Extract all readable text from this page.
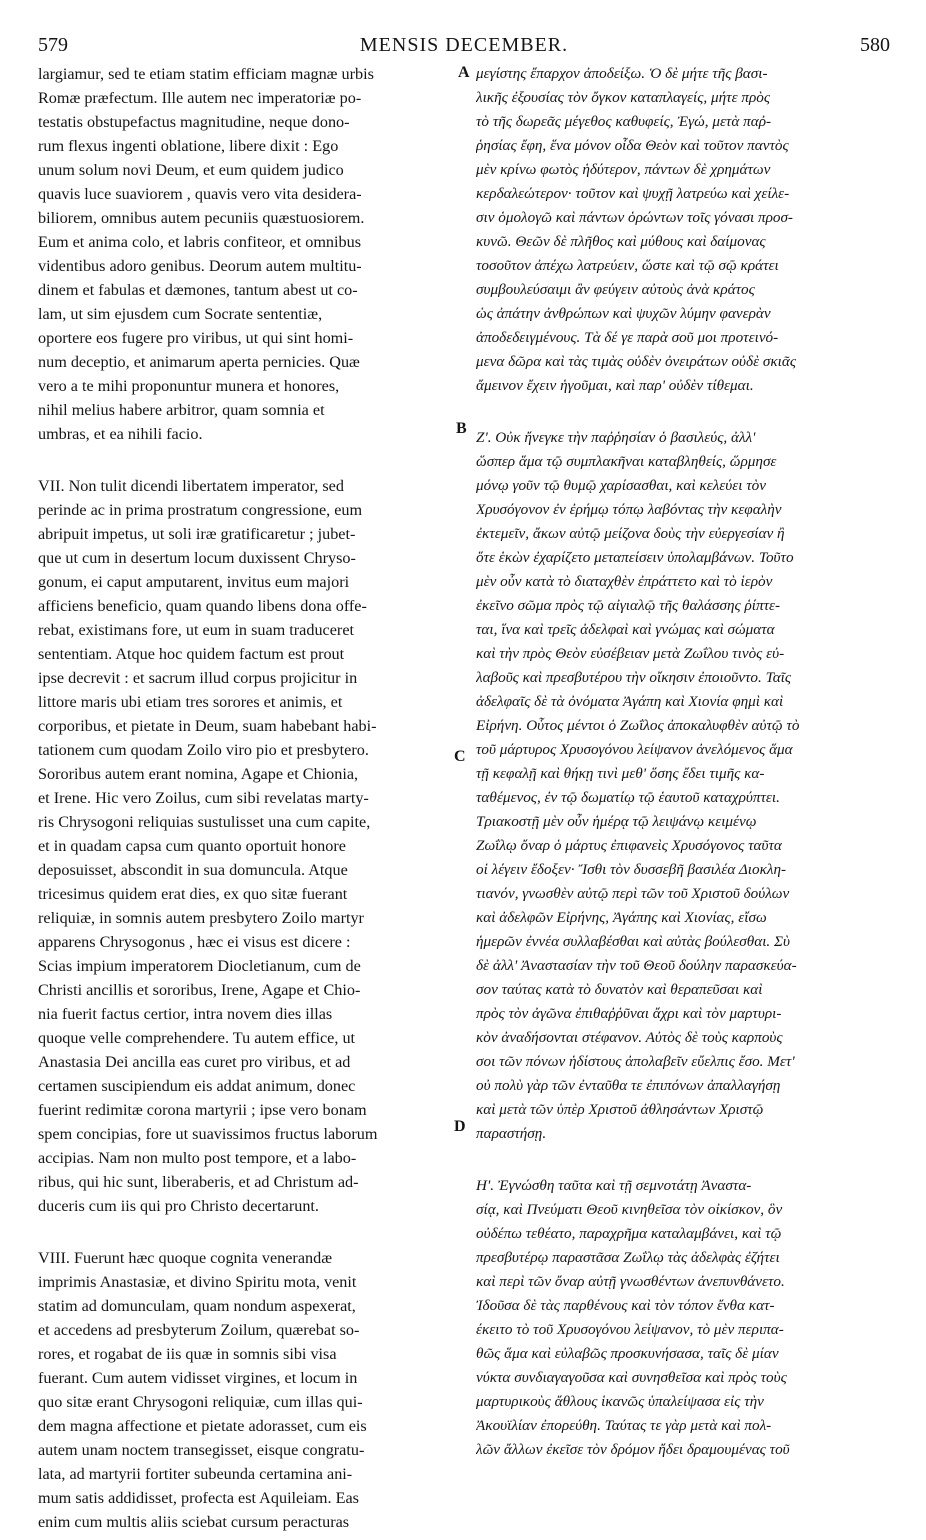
579	MENSIS DECEMBER.	580
largiamur, sed te etiam statim efficiam magnæ urbis
Romæ præfectum. Ille autem nec imperatoriæ po-
testatis obstupefactus magnitudine, neque dono-
rum flexus ingenti oblatione, libere dixit : Ego
unum solum novi Deum, et eum quidem judico
quavis luce suaviorem , quavis vero vita desidera-
biliorem, omnibus autem pecuniis quæstuosiorem.
Eum et anima colo, et labris confiteor, et omnibus
videntibus adoro genibus. Deorum autem multitu-
dinem et fabulas et dæmones, tantum abest ut co-
lam, ut sim ejusdem cum Socrate sententiæ,
oportere eos fugere pro viribus, ut qui sint homi-
num deceptio, et animarum aperta pernicies. Quæ
vero a te mihi proponuntur munera et honores,
nihil melius habere arbitror, quam somnia et
umbras, et ea nihili facio.
VII. Non tulit dicendi libertatem imperator, sed
perinde ac in prima prostratum congressione, eum
abripuit impetus, ut soli iræ gratificaretur ; jubet-
que ut cum in desertum locum duxissent Chryso-
gonum, ei caput amputarent, invitus eum majori
afficiens beneficio, quam quando libens dona offe-
rebat, existimans fore, ut eum in suam traduceret
sententiam. Atque hoc quidem factum est prout
ipse decrevit : et sacrum illud corpus projicitur in
littore maris ubi etiam tres sorores et animis, et
corporibus, et pietate in Deum, suam habebant habi-
tationem cum quodam Zoilo viro pio et presbytero.
Sororibus autem erant nomina, Agape et Chionia,
et Irene. Hic vero Zoilus, cum sibi revelatas marty-
ris Chrysogoni reliquias sustulisset una cum capite,
et in quadam capsa cum quanto oportuit honore
deposuisset, abscondit in sua domuncula. Atque
tricesimus quidem erat dies, ex quo sitæ fuerant
reliquiæ, in somnis autem presbytero Zoilo martyr
apparens Chrysogonus , hæc ei visus est dicere :
Scias impium imperatorem Diocletianum, cum de
Christi ancillis et sororibus, Irene, Agape et Chio-
nia fuerit factus certior, intra novem dies illas
quoque velle comprehendere. Tu autem effice, ut
Anastasia Dei ancilla eas curet pro viribus, et ad
certamen suscipiendum eis addat animum, donec
fuerint redimitæ corona martyrii ; ipse vero bonam
spem concipias, fore ut suavissimos fructus laborum
accipias. Nam non multo post tempore, et a labo-
ribus, qui hic sunt, liberaberis, et ad Christum ad-
duceris cum iis qui pro Christo decertarunt.
VIII. Fuerunt hæc quoque cognita venerandæ
imprimis Anastasiæ, et divino Spiritu mota, venit
statim ad domunculam, quam nondum aspexerat,
et accedens ad presbyterum Zoilum, quærebat so-
rores, et rogabat de iis quæ in somnis sibi visa
fuerant. Cum autem vidisset virgines, et locum in
quo sitæ erant Chrysogoni reliquiæ, cum illas qui-
dem magna affectione et pietate adorasset, cum eis
autem unam noctem transegisset, eisque congratu-
lata, ad martyrii fortiter subeunda certamina ani-
mum satis addidisset, profecta est Aquileiam. Eas
enim cum multis aliis sciebat cursum peracturas
μεγίστης ἔπαρχον ἀποδείξω. Ὁ δὲ μήτε τῆς βασι-
λικῆς ἐξουσίας τὸν ὄγκον καταπλαγείς, μήτε πρὸς
τὸ τῆς δωρεᾶς μέγεθος καθυφείς, Ἐγώ, μετὰ παῤ-
ῥησίας ἔφη, ἕνα μόνον οἶδα Θεὸν καὶ τοῦτον παντὸς
μὲν κρίνω φωτὸς ἡδύτερον, πάντων δὲ χρημάτων
κερδαλεώτερον· τοῦτον καὶ ψυχῇ λατρεύω καὶ χείλε-
σιν ὁμολογῶ καὶ πάντων ὁρώντων τοῖς γόνασι προσ-
κυνῶ. Θεῶν δὲ πλῆθος καὶ μύθους καὶ δαίμονας
τοσοῦτον ἀπέχω λατρεύειν, ὥστε καὶ τῷ σῷ κράτει
συμβουλεύσαιμι ἂν φεύγειν αὐτοὺς ἀνὰ κράτος
ὡς ἀπάτην ἀνθρώπων καὶ ψυχῶν λύμην φανερὰν
ἀποδεδειγμένους. Τὰ δέ γε παρὰ σοῦ μοι προτεινό-
μενα δῶρα καὶ τὰς τιμὰς οὐδὲν ὀνειράτων οὐδὲ σκιᾶς
ἄμεινον ἔχειν ἡγοῦμαι, καὶ παρ' οὐδὲν τίθεμαι.
Ζ'. Οὐκ ἤνεγκε τὴν παῤῥησίαν ὁ βασιλεύς, ἀλλ'
ὥσπερ ἅμα τῷ συμπλακῆναι καταβληθείς, ὥρμησε
μόνῳ γοῦν τῷ θυμῷ χαρίσασθαι, καὶ κελεύει τὸν
Χρυσόγονον ἐν ἐρήμῳ τόπῳ λαβόντας τὴν κεφαλὴν
ἐκτεμεῖν, ἄκων αὐτῷ μείζονα δοὺς τὴν εὐεργεσίαν ἢ
ὅτε ἑκὼν ἐχαρίζετο μεταπείσειν ὑπολαμβάνων. Τοῦτο
μὲν οὖν κατὰ τὸ διαταχθὲν ἐπράττετο καὶ τὸ ἱερὸν
ἐκεῖνο σῶμα πρὸς τῷ αἰγιαλῷ τῆς θαλάσσης ῥίπτε-
ται, ἵνα καὶ τρεῖς ἀδελφαὶ καὶ γνώμας καὶ σώματα
καὶ τὴν πρὸς Θεὸν εὐσέβειαν μετὰ Ζωΐλου τινὸς εὐ-
λαβοῦς καὶ πρεσβυτέρου τὴν οἴκησιν ἐποιοῦντο. Ταῖς
ἀδελφαῖς δὲ τὰ ὀνόματα Ἀγάπη καὶ Χιονία φημὶ καὶ
Εἰρήνη. Οὗτος μέντοι ὁ Ζωΐλος ἀποκαλυφθὲν αὐτῷ τὸ
τοῦ μάρτυρος Χρυσογόνου λείψανον ἀνελόμενος ἅμα
τῇ κεφαλῇ καὶ θήκῃ τινὶ μεθ' ὅσης ἔδει τιμῆς κα-
ταθέμενος, ἐν τῷ δωματίῳ τῷ ἑαυτοῦ καταχρύπτει.
Τριακοστῇ μὲν οὖν ἡμέρᾳ τῷ λειψάνῳ κειμένῳ
Ζωΐλῳ ὄναρ ὁ μάρτυς ἐπιφανεὶς Χρυσόγονος ταῦτα
οἱ λέγειν ἔδοξεν· Ἴσθι τὸν δυσσεβῆ βασιλέα Διοκλη-
τιανόν, γνωσθὲν αὐτῷ περὶ τῶν τοῦ Χριστοῦ δούλων
καὶ ἀδελφῶν Εἰρήνης, Ἀγάπης καὶ Χιονίας, εἴσω
ἡμερῶν ἐννέα συλλαβέσθαι καὶ αὐτὰς βούλεσθαι. Σὺ
δὲ ἀλλ' Ἀναστασίαν τὴν τοῦ Θεοῦ δούλην παρασκεύα-
σον ταύτας κατὰ τὸ δυνατὸν καὶ θεραπεῦσαι καὶ
πρὸς τὸν ἀγῶνα ἐπιθαῤῥῦναι ἄχρι καὶ τὸν μαρτυρι-
κὸν ἀναδήσονται στέφανον. Αὐτὸς δὲ τοὺς καρποὺς
σοι τῶν πόνων ἡδίστους ἀπολαβεῖν εὔελπις ἔσο. Μετ'
οὐ πολὺ γὰρ τῶν ἐνταῦθα τε ἐπιπόνων ἀπαλλαγήσῃ
καὶ μετὰ τῶν ὑπὲρ Χριστοῦ ἀθλησάντων Χριστῷ
παραστήσῃ.
Η'. Ἐγνώσθη ταῦτα καὶ τῇ σεμνοτάτῃ Ἀναστα-
σίᾳ, καὶ Πνεύματι Θεοῦ κινηθεῖσα τὸν οἰκίσκον, ὃν
οὐδέπω τεθέατο, παραχρῆμα καταλαμβάνει, καὶ τῷ
πρεσβυτέρῳ παραστᾶσα Ζωΐλῳ τὰς ἀδελφὰς ἐζήτει
καὶ περὶ τῶν ὄναρ αὐτῇ γνωσθέντων ἀνεπυνθάνετο.
Ἰδοῦσα δὲ τὰς παρθένους καὶ τὸν τόπον ἔνθα κατ-
έκειτο τὸ τοῦ Χρυσογόνου λείψανον, τὸ μὲν περιπα-
θῶς ἅμα καὶ εὐλαβῶς προσκυνήσασα, ταῖς δὲ μίαν
νύκτα συνδιαγαγοῦσα καὶ συνησθεῖσα καὶ πρὸς τοὺς
μαρτυρικοὺς ἄθλους ἱκανῶς ὑπαλείψασα εἰς τὴν
Ἀκουϊλίαν ἐπορεύθη. Ταύτας τε γὰρ μετὰ καὶ πολ-
λῶν ἄλλων ἐκεῖσε τὸν δρόμον ἤδει δραμουμένας τοῦ
A
B
C
D
